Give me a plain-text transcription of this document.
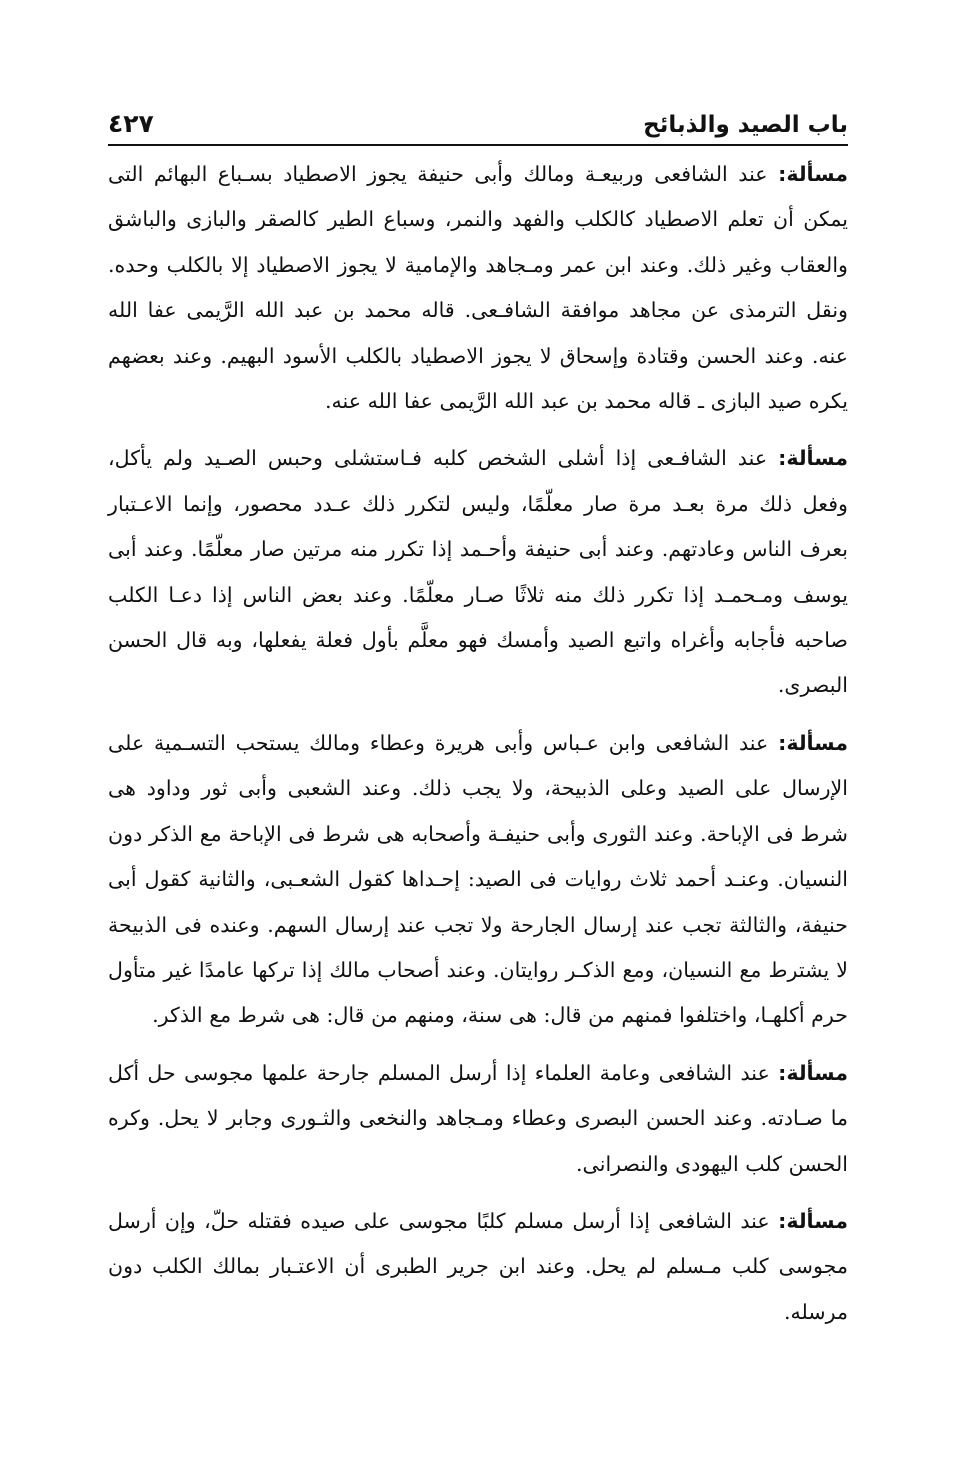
باب الصيد والذبائح
٤٢٧

مسألة: عند الشافعى وربيعـة ومالك وأبى حنيفة يجوز الاصطياد بسـباع البهائم التى يمكن أن تعلم الاصطياد كالكلب والفهد والنمر، وسباع الطير كالصقر والبازى والباشق والعقاب وغير ذلك. وعند ابن عمر ومـجاهد والإمامية لا يجوز الاصطياد إلا بالكلب وحده. ونقل الترمذى عن مجاهد موافقة الشافـعى. قاله محمد بن عبد الله الرَّيمى عفا الله عنه. وعند الحسن وقتادة وإسحاق لا يجوز الاصطياد بالكلب الأسود البهيم. وعند بعضهم يكره صيد البازى ـ قاله محمد بن عبد الله الرَّيمى عفا الله عنه.

مسألة: عند الشافـعى إذا أشلى الشخص كلبه فـاستشلى وحبس الصـيد ولم يأكل، وفعل ذلك مرة بعـد مرة صار معلّمًا، وليس لتكرر ذلك عـدد محصور، وإنما الاعـتبار بعرف الناس وعادتهم. وعند أبى حنيفة وأحـمد إذا تكرر منه مرتين صار معلّمًا. وعند أبى يوسف ومـحمـد إذا تكرر ذلك منه ثلاثًا صـار معلّمًا. وعند بعض الناس إذا دعـا الكلب صاحبه فأجابه وأغراه واتبع الصيد وأمسك فهو معلَّم بأول فعلة يفعلها، وبه قال الحسن البصرى.

مسألة: عند الشافعى وابن عـباس وأبى هريرة وعطاء ومالك يستحب التسـمية على الإرسال على الصيد وعلى الذبيحة، ولا يجب ذلك. وعند الشعبى وأبى ثور وداود هى شرط فى الإباحة. وعند الثورى وأبى حنيفـة وأصحابه هى شرط فى الإباحة مع الذكر دون النسيان. وعنـد أحمد ثلاث روايات فى الصيد: إحـداها كقول الشعـبى، والثانية كقول أبى حنيفة، والثالثة تجب عند إرسال الجارحة ولا تجب عند إرسال السهم. وعنده فى الذبيحة لا يشترط مع النسيان، ومع الذكـر روايتان. وعند أصحاب مالك إذا تركها عامدًا غير متأول حرم أكلهـا، واختلفوا فمنهم من قال: هى سنة، ومنهم من قال: هى شرط مع الذكر.

مسألة: عند الشافعى وعامة العلماء إذا أرسل المسلم جارحة علمها مجوسى حل أكل ما صـادته. وعند الحسن البصرى وعطاء ومـجاهد والنخعى والثـورى وجابر لا يحل. وكره الحسن كلب اليهودى والنصرانى.

مسألة: عند الشافعى إذا أرسل مسلم كلبًا مجوسى على صيده فقتله حلّ، وإن أرسل مجوسى كلب مـسلم لم يحل. وعند ابن جرير الطبرى أن الاعتـبار بمالك الكلب دون مرسله.
